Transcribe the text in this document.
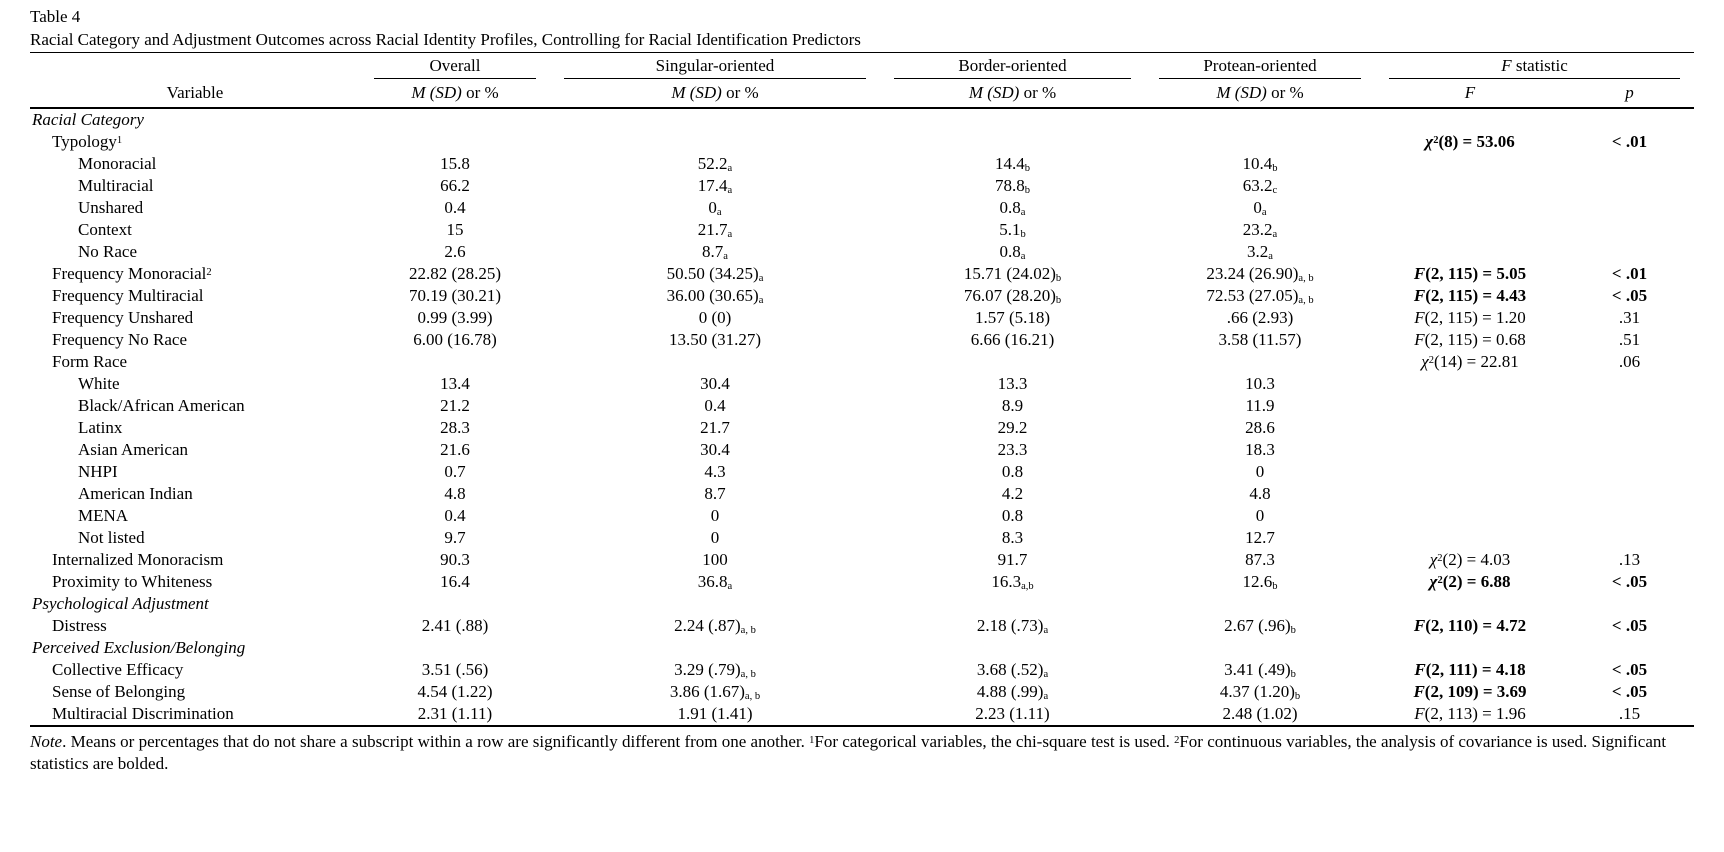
Table 4
Racial Category and Adjustment Outcomes across Racial Identity Profiles, Controlling for Racial Identification Predictors

	Overall	Singular-oriented	Border-oriented	Protean-oriented	F statistic	

Variable	M (SD) or %	M (SD) or %	M (SD) or %	M (SD) or %	F	p
Racial Category						
Typology$^1$					$\chi^2(8) = 53.06$	< .01
Monoracial	15.8	$52.2_a$	$14.4_b$	$10.4_b$		
Multiracial	66.2	$17.4_a$	$78.8_b$	$63.2_c$		
Unshared	0.4	$0_a$	$0.8_a$	$0_a$		
Context	15	$21.7_a$	$5.1_b$	$23.2_a$		
No Race	2.6	$8.7_a$	$0.8_a$	$3.2_a$		
Frequency Monoracial$^2$	22.82 (28.25)	50.50 $(34.25)_a$	15.71 $(24.02)_b$	23.24 $(26.90)_{a, b}$	F(2, 115) = 5.05	< .01
Frequency Multiracial	70.19 (30.21)	36.00 $(30.65)_a$	76.07 $(28.20)_b$	72.53 $(27.05)_{a, b}$	F(2, 115) = 4.43	< .05
Frequency Unshared	0.99 (3.99)	0 (0)	1.57 (5.18)	.66 (2.93)	F(2, 115) = 1.20	.31
Frequency No Race	6.00 (16.78)	13.50 (31.27)	6.66 (16.21)	3.58 (11.57)	F(2, 115) = 0.68	.51
Form Race					$\chi^2(14) = 22.81$	.06
White	13.4	30.4	13.3	10.3		
Black/African American	21.2	0.4	8.9	11.9		
Latinx	28.3	21.7	29.2	28.6		
Asian American	21.6	30.4	23.3	18.3		
NHPI	0.7	4.3	0.8	0		
American Indian	4.8	8.7	4.2	4.8		
MENA	0.4	0	0.8	0		
Not listed	9.7	0	8.3	12.7		
Internalized Monoracism	90.3	100	91.7	87.3	$\chi^2(2) = 4.03$	.13
Proximity to Whiteness	16.4	$36.8_a$	$16.3_{a,b}$	$12.6_b$	$\chi^2(2) = 6.88$	< .05
Psychological Adjustment						
Distress	2.41 (.88)	2.24 $(.87)_{a, b}$	2.18 $(.73)_a$	2.67 $(.96)_b$	F(2, 110) = 4.72	< .05
Perceived Exclusion/Belonging						
Collective Efficacy	3.51 (.56)	3.29 $(.79)_{a, b}$	3.68 $(.52)_a$	3.41 $(.49)_b$	F(2, 111) = 4.18	< .05
Sense of Belonging	4.54 (1.22)	3.86 $(1.67)_{a, b}$	4.88 $(.99)_a$	4.37 $(1.20)_b$	F(2, 109) = 3.69	< .05
Multiracial Discrimination	2.31 (1.11)	1.91 (1.41)	2.23 (1.11)	2.48 (1.02)	F(2, 113) = 1.96	.15
Note. Means or percentages that do not share a subscript within a row are significantly different from one another. $^1$For categorical variables, the chi-square test is used. $^2$For continuous variables, the analysis of covariance is used. Significant statistics are bolded.
